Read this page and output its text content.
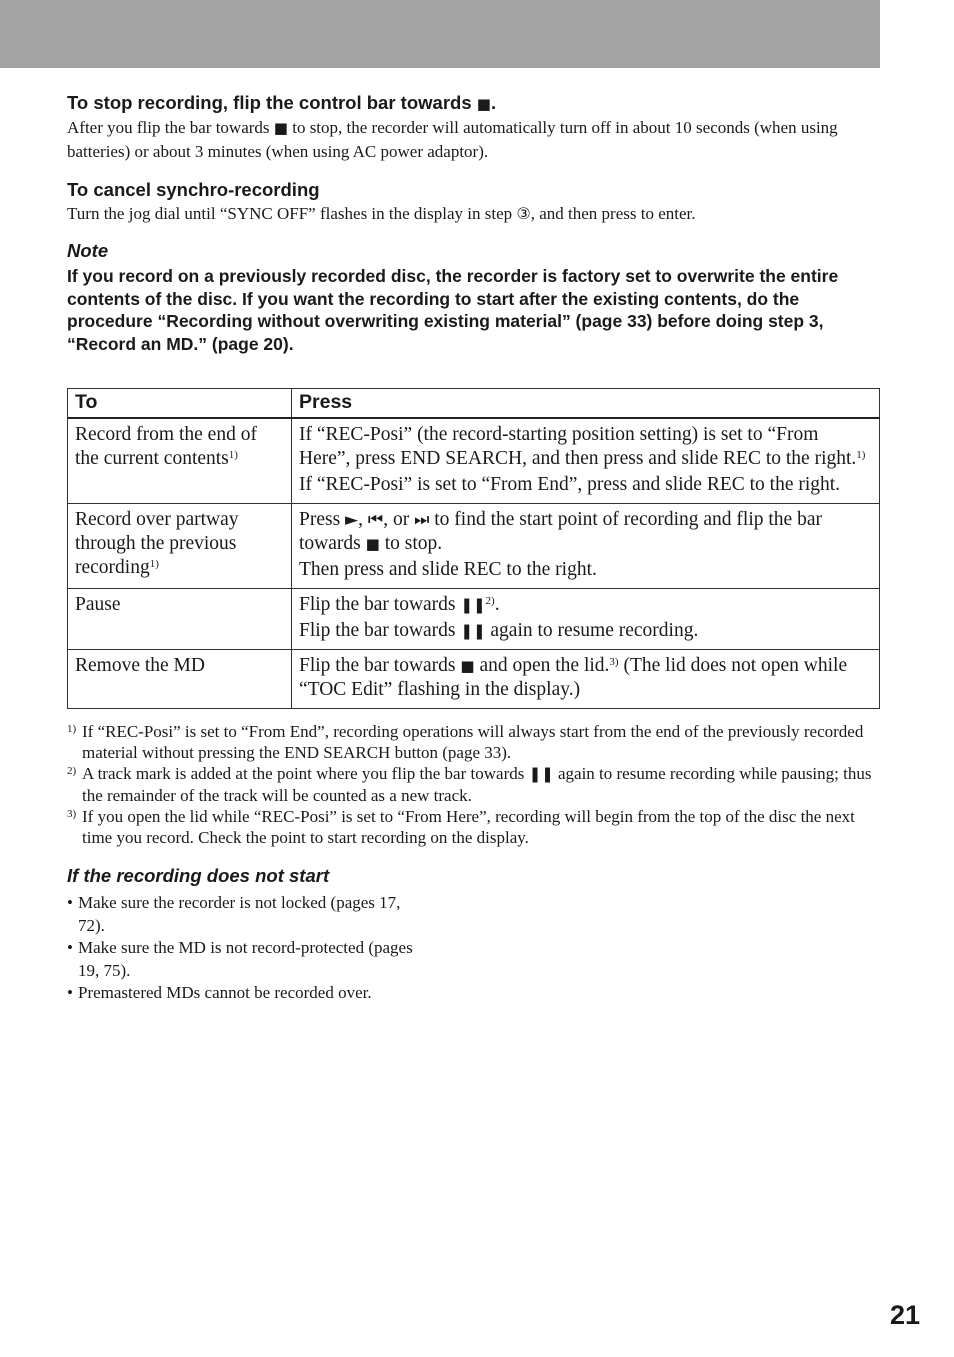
To stop recording, flip the control bar towards ■.

After you flip the bar towards ■ to stop, the recorder will automatically turn off in about 10 seconds (when using batteries) or about 3 minutes (when using AC power adaptor).

To cancel synchro-recording

Turn the jog dial until “SYNC OFF” flashes in the display in step ③, and then press to enter.

Note
If you record on a previously recorded disc, the recorder is factory set to overwrite the entire contents of the disc. If you want the recording to start after the existing contents, do the procedure “Recording without overwriting existing material” (page 33) before doing step 3, “Record an MD.” (page 20).
To	Press
Record from the end of the current contents$^{1)}$	If “REC-Posi” (the record-starting position setting) is set to “From Here”, press END SEARCH, and then press and slide REC to the right.$^{1)}$
If “REC-Posi” is set to “From End”, press and slide REC to the right.

Record over partway through the previous recording$^{1)}$	Press ►, ⏮, or ⏭ to find the start point of recording and flip the bar towards ■ to stop.
Then press and slide REC to the right.

Pause	Flip the bar towards ❚❚$^{2)}$.
Flip the bar towards ❚❚ again to resume recording.

Remove the MD	Flip the bar towards ■ and open the lid.$^{3)}$ (The lid does not open while “TOC Edit” flashing in the display.)
1) If “REC-Posi” is set to “From End”, recording operations will always start from the end of the previously recorded material without pressing the END SEARCH button (page 33).
2) A track mark is added at the point where you flip the bar towards ❚❚ again to resume recording while pausing; thus the remainder of the track will be counted as a new track.
3) If you open the lid while “REC-Posi” is set to “From Here”, recording will begin from the top of the disc the next time you record. Check the point to start recording on the display.
If the recording does not start
• Make sure the recorder is not locked (pages 17, 72).
• Make sure the MD is not record-protected (pages 19, 75).
• Premastered MDs cannot be recorded over.
21
